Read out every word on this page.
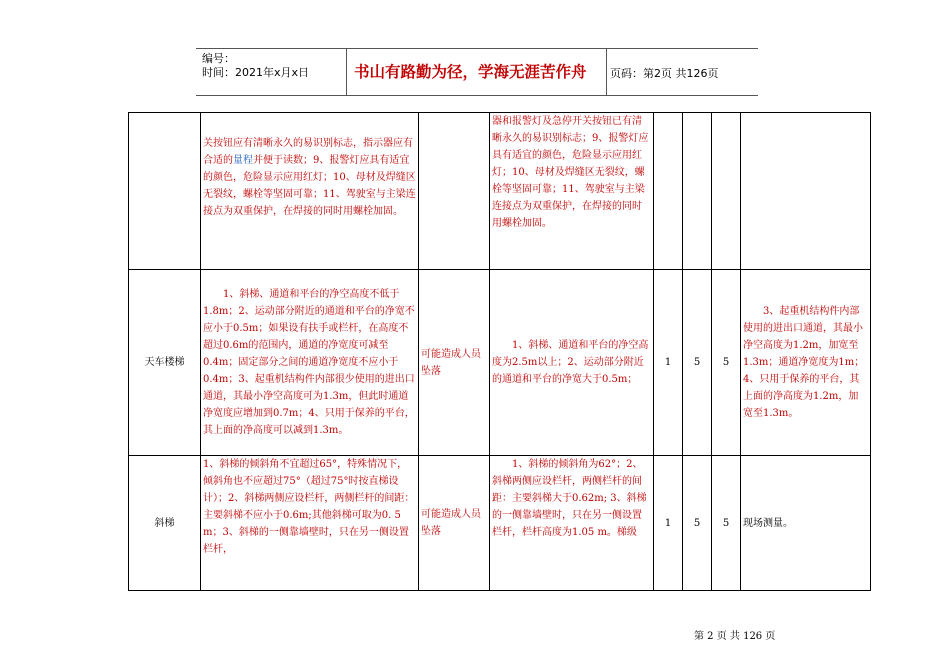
编号：
时间：2021年x月x日	书山有路勤为径，学海无涯苦作舟 页码：第2页 共126页

	关按钮应有清晰永久的易识别标志，指示器应有合适的量程并便于读数；9、报警灯应具有适宜的颜色，危险显示应用红灯；10、母材及焊缝区无裂纹，螺栓等坚固可靠；11、驾驶室与主梁连接点为双重保护，在焊接的同时用螺栓加固。		器和报警灯及急停开关按钮已有清晰永久的易识别标志；9、报警灯应具有适宜的颜色，危险显示应用红灯；10、母材及焊缝区无裂纹，螺栓等坚固可靠；11、驾驶室与主梁连接点为双重保护，在焊接的同时用螺栓加固。				

天车楼梯	　　1、斜梯、通道和平台的净空高度不低于1.8m；2、运动部分附近的通道和平台的净宽不应小于0.5m；如果设有扶手或栏杆，在高度不超过0.6m的范围内，通道的净宽度可减至0.4m；固定部分之间的通道净宽度不应小于0.4m；3、起重机结构件内部很少使用的进出口通道，其最小净空高度可为1.3m，但此时通道净宽度应增加到0.7m；4、只用于保养的平台，其上面的净高度可以减到1.3m。	可能造成人员坠落	　　1、斜梯、通道和平台的净空高度为2.5m以上；2、运动部分附近的通道和平台的净宽大于0.5m；	1	5	5	　　3、起重机结构件内部使用的进出口通道，其最小净空高度为1.2m，加宽至1.3m；通道净宽度为1m；4、只用于保养的平台，其上面的净高度为1.2m，加宽至1.3m。
斜梯	1、斜梯的倾斜角不宜超过65°，特殊情况下，倾斜角也不应超过75°（超过75°时按直梯设计）；2、斜梯两侧应设栏杆，两侧栏杆的间距：主要斜梯不应小于0.6m;其他斜梯可取为0. 5 m；3、斜梯的一侧靠墙壁时，只在另一侧设置栏杆，	可能造成人员坠落	　　1、斜梯的倾斜角为62°；2、斜梯两侧应设栏杆，两侧栏杆的间距：主要斜梯大于0.62m; 3、斜梯的一侧靠墙壁时，只在另一侧设置栏杆，栏杆高度为1.05 m。梯级	1	5	5	现场测量。
第 2 页 共 126 页
